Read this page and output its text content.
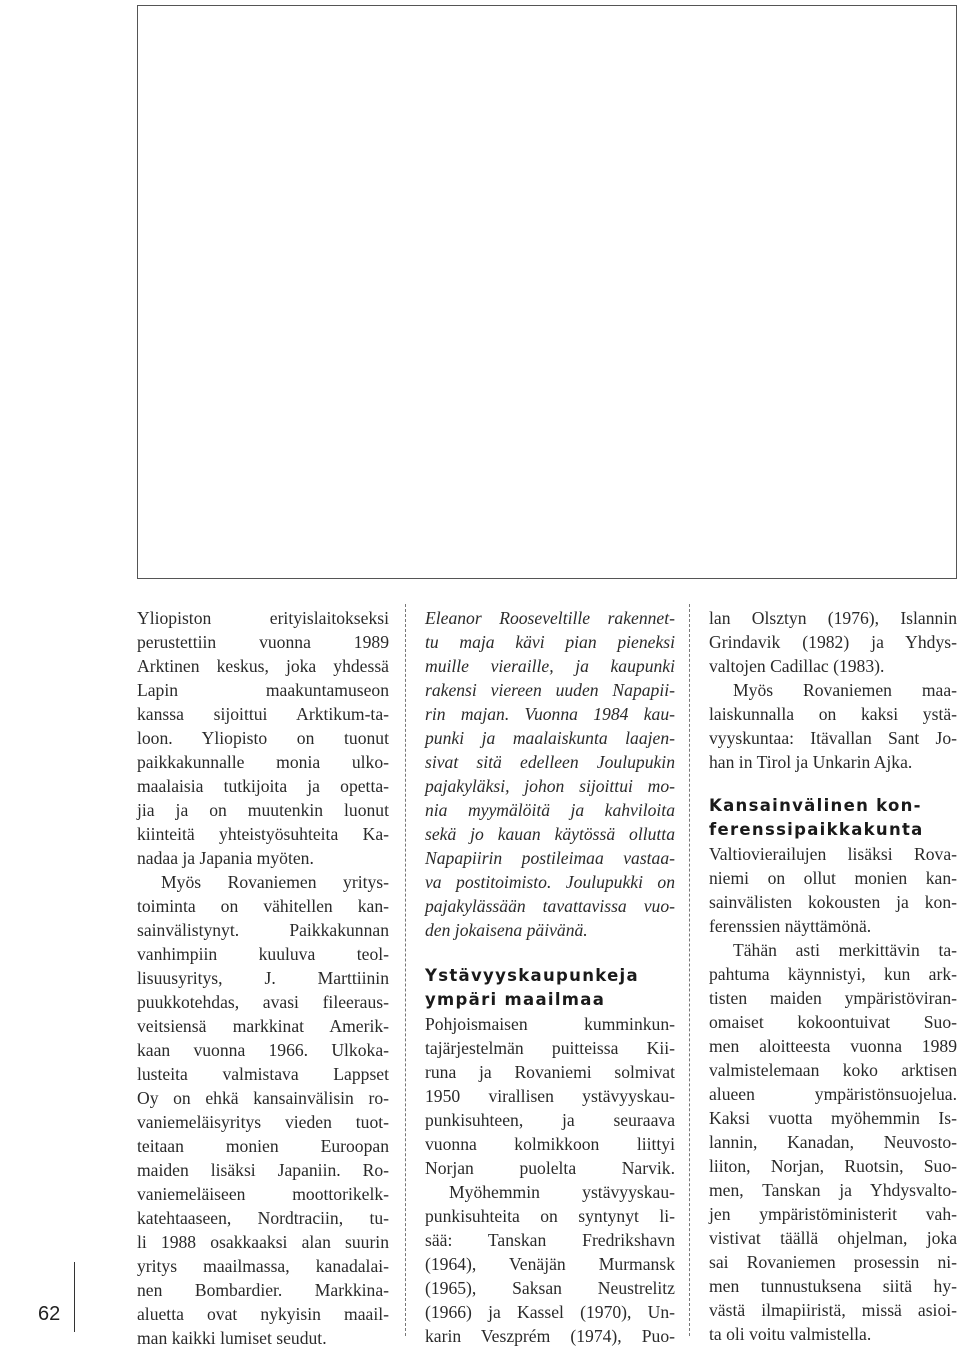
Yliopiston erityislaitokseksi
perustettiin vuonna 1989
Arktinen keskus, joka yhdessä
Lapin maakuntamuseon
kanssa sijoittui Arktikum-ta-
loon. Yliopisto on tuonut
paikkakunnalle monia ulko-
maalaisia tutkijoita ja opetta-
jia ja on muutenkin luonut
kiinteitä yhteistyösuhteita Ka-
nadaa ja Japania myöten.
Myös Rovaniemen yritys-
toiminta on vähitellen kan-
sainvälistynyt. Paikkakunnan
vanhimpiin kuuluva teol-
lisuusyritys, J. Marttiinin
puukkotehdas, avasi fileeraus-
veitsiensä markkinat Amerik-
kaan vuonna 1966. Ulkoka-
lusteita valmistava Lappset
Oy on ehkä kansainvälisin ro-
vaniemeläisyritys vieden tuot-
teitaan monien Euroopan
maiden lisäksi Japaniin. Ro-
vaniemeläiseen moottorikelk-
katehtaaseen, Nordtraciin, tu-
li 1988 osakkaaksi alan suurin
yritys maailmassa, kanadalai-
nen Bombardier. Markkina-
aluetta ovat nykyisin maail-
man kaikki lumiset seudut.
Eleanor Rooseveltille rakennet-
tu maja kävi pian pieneksi
muille vieraille, ja kaupunki
rakensi viereen uuden Napapii-
rin majan. Vuonna 1984 kau-
punki ja maalaiskunta laajen-
sivat sitä edelleen Joulupukin
pajakyläksi, johon sijoittui mo-
nia myymälöitä ja kahviloita
sekä jo kauan käytössä ollutta
Napapiirin postileimaa vastaa-
va postitoimisto. Joulupukki on
pajakylässään tavattavissa vuo-
den jokaisena päivänä.
Ystävyyskaupunkeja
ympäri maailmaa
Pohjoismaisen kumminkun-
tajärjestelmän puitteissa Kii-
runa ja Rovaniemi solmivat
1950 virallisen ystävyyskau-
punkisuhteen, ja seuraava
vuonna kolmikkoon liittyi
Norjan puolelta Narvik.
Myöhemmin ystävyyskau-
punkisuhteita on syntynyt li-
sää: Tanskan Fredrikshavn
(1964), Venäjän Murmansk
(1965), Saksan Neustrelitz
(1966) ja Kassel (1970), Un-
karin Veszprém (1974), Puo-
lan Olsztyn (1976), Islannin
Grindavik (1982) ja Yhdys-
valtojen Cadillac (1983).
Myös Rovaniemen maa-
laiskunnalla on kaksi ystä-
vyyskuntaa: Itävallan Sant Jo-
han in Tirol ja Unkarin Ajka.
Kansainvälinen kon-
ferenssipaikkakunta
Valtiovierailujen lisäksi Rova-
niemi on ollut monien kan-
sainvälisten kokousten ja kon-
ferenssien näyttämönä.
Tähän asti merkittävin ta-
pahtuma käynnistyi, kun ark-
tisten maiden ympäristöviran-
omaiset kokoontuivat Suo-
men aloitteesta vuonna 1989
valmistelemaan koko arktisen
alueen ympäristönsuojelua.
Kaksi vuotta myöhemmin Is-
lannin, Kanadan, Neuvosto-
liiton, Norjan, Ruotsin, Suo-
men, Tanskan ja Yhdysvalto-
jen ympäristöministerit vah-
vistivat täällä ohjelman, joka
sai Rovaniemen prosessin ni-
men tunnustuksena siitä hy-
västä ilmapiiristä, missä asioi-
ta oli voitu valmistella.
62
